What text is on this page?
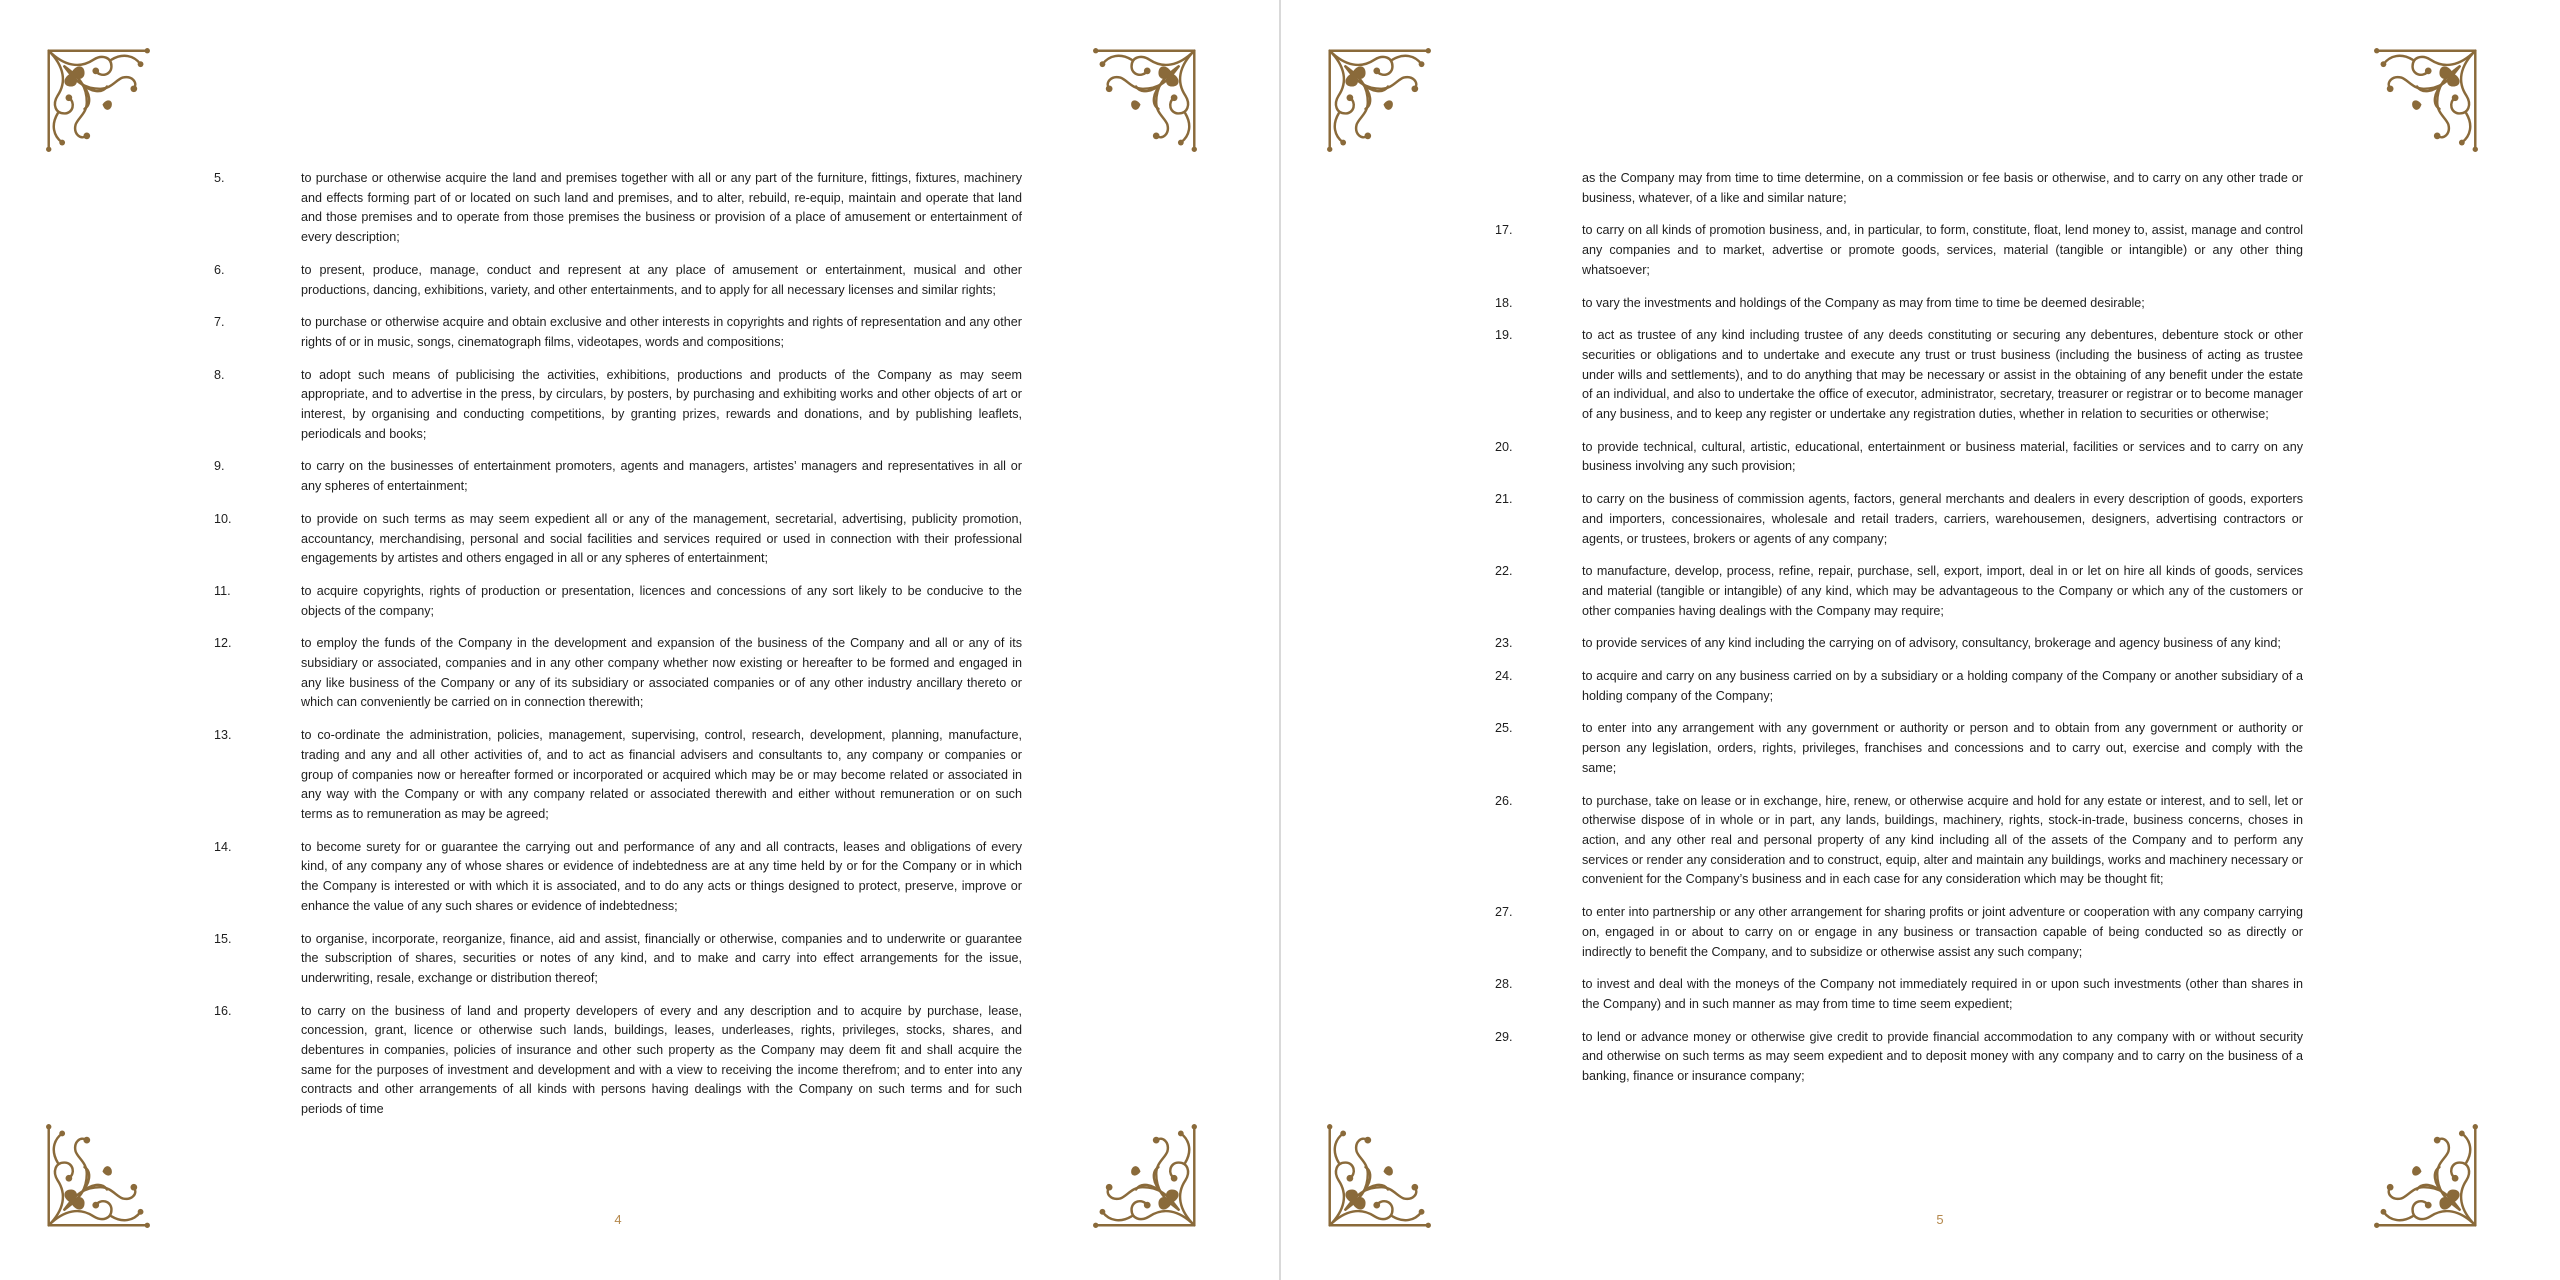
5.	to purchase or otherwise acquire the land and premises together with all or any part of the furniture, fittings, fixtures, machinery and effects forming part of or located on such land and premises, and to alter, rebuild, re-equip, maintain and operate that land and those premises and to operate from those premises the business or provision of a place of amusement or entertainment of every description;
6.	to present, produce, manage, conduct and represent at any place of amusement or entertainment, musical and other productions, dancing, exhibitions, variety, and other entertainments, and to apply for all necessary licenses and similar rights;
7.	to purchase or otherwise acquire and obtain exclusive and other interests in copyrights and rights of representation and any other rights of or in music, songs, cinematograph films, videotapes, words and compositions;
8.	to adopt such means of publicising the activities, exhibitions, productions and products of the Company as may seem appropriate, and to advertise in the press, by circulars, by posters, by purchasing and exhibiting works and other objects of art or interest, by organising and conducting competitions, by granting prizes, rewards and donations, and by publishing leaflets, periodicals and books;
9.	to carry on the businesses of entertainment promoters, agents and managers, artistes’ managers and representatives in all or any spheres of entertainment;
10.	to provide on such terms as may seem expedient all or any of the management, secretarial, advertising, publicity promotion, accountancy, merchandising, personal and social facilities and services required or used in connection with their professional engagements by artistes and others engaged in all or any spheres of entertainment;
11.	to acquire copyrights, rights of production or presentation, licences and concessions of any sort likely to be conducive to the objects of the company;
12.	to employ the funds of the Company in the development and expansion of the business of the Company and all or any of its subsidiary or associated, companies and in any other company whether now existing or hereafter to be formed and engaged in any like business of the Company or any of its subsidiary or associated companies or of any other industry ancillary thereto or which can conveniently be carried on in connection therewith;
13.	to co-ordinate the administration, policies, management, supervising, control, research, development, planning, manufacture, trading and any and all other activities of, and to act as financial advisers and consultants to, any company or companies or group of companies now or hereafter formed or incorporated or acquired which may be or may become related or associated in any way with the Company or with any company related or associated therewith and either without remuneration or on such terms as to remuneration as may be agreed;
14.	to become surety for or guarantee the carrying out and performance of any and all contracts, leases and obligations of every kind, of any company any of whose shares or evidence of indebtedness are at any time held by or for the Company or in which the Company is interested or with which it is associated, and to do any acts or things designed to protect, preserve, improve or enhance the value of any such shares or evidence of indebtedness;
15.	to organise, incorporate, reorganize, finance, aid and assist, financially or otherwise, companies and to underwrite or guarantee the subscription of shares, securities or notes of any kind, and to make and carry into effect arrangements for the issue, underwriting, resale, exchange or distribution thereof;
16.	to carry on the business of land and property developers of every and any description and to acquire by purchase, lease, concession, grant, licence or otherwise such lands, buildings, leases, underleases, rights, privileges, stocks, shares, and debentures in companies, policies of insurance and other such property as the Company may deem fit and shall acquire the same for the purposes of investment and development and with a view to receiving the income therefrom; and to enter into any contracts and other arrangements of all kinds with persons having dealings with the Company on such terms and for such periods of time
4
as the Company may from time to time determine, on a commission or fee basis or otherwise, and to carry on any other trade or business, whatever, of a like and similar nature;
17.	to carry on all kinds of promotion business, and, in particular, to form, constitute, float, lend money to, assist, manage and control any companies and to market, advertise or promote goods, services, material (tangible or intangible) or any other thing whatsoever;
18.	to vary the investments and holdings of the Company as may from time to time be deemed desirable;
19.	to act as trustee of any kind including trustee of any deeds constituting or securing any debentures, debenture stock or other securities or obligations and to undertake and execute any trust or trust business (including the business of acting as trustee under wills and settlements), and to do anything that may be necessary or assist in the obtaining of any benefit under the estate of an individual, and also to undertake the office of executor, administrator, secretary, treasurer or registrar or to become manager of any business, and to keep any register or undertake any registration duties, whether in relation to securities or otherwise;
20.	to provide technical, cultural, artistic, educational, entertainment or business material, facilities or services and to carry on any business involving any such provision;
21.	to carry on the business of commission agents, factors, general merchants and dealers in every description of goods, exporters and importers, concessionaires, wholesale and retail traders, carriers, warehousemen, designers, advertising contractors or agents, or trustees, brokers or agents of any company;
22.	to manufacture, develop, process, refine, repair, purchase, sell, export, import, deal in or let on hire all kinds of goods, services and material (tangible or intangible) of any kind, which may be advantageous to the Company or which any of the customers or other companies having dealings with the Company may require;
23.	to provide services of any kind including the carrying on of advisory, consultancy, brokerage and agency business of any kind;
24.	to acquire and carry on any business carried on by a subsidiary or a holding company of the Company or another subsidiary of a holding company of the Company;
25.	to enter into any arrangement with any government or authority or person and to obtain from any government or authority or person any legislation, orders, rights, privileges, franchises and concessions and to carry out, exercise and comply with the same;
26.	to purchase, take on lease or in exchange, hire, renew, or otherwise acquire and hold for any estate or interest, and to sell, let or otherwise dispose of in whole or in part, any lands, buildings, machinery, rights, stock-in-trade, business concerns, choses in action, and any other real and personal property of any kind including all of the assets of the Company and to perform any services or render any consideration and to construct, equip, alter and maintain any buildings, works and machinery necessary or convenient for the Company’s business and in each case for any consideration which may be thought fit;
27.	to enter into partnership or any other arrangement for sharing profits or joint adventure or cooperation with any company carrying on, engaged in or about to carry on or engage in any business or transaction capable of being conducted so as directly or indirectly to benefit the Company, and to subsidize or otherwise assist any such company;
28.	to invest and deal with the moneys of the Company not immediately required in or upon such investments (other than shares in the Company) and in such manner as may from time to time seem expedient;
29.	to lend or advance money or otherwise give credit to provide financial accommodation to any company with or without security and otherwise on such terms as may seem expedient and to deposit money with any company and to carry on the business of a banking, finance or insurance company;
5
